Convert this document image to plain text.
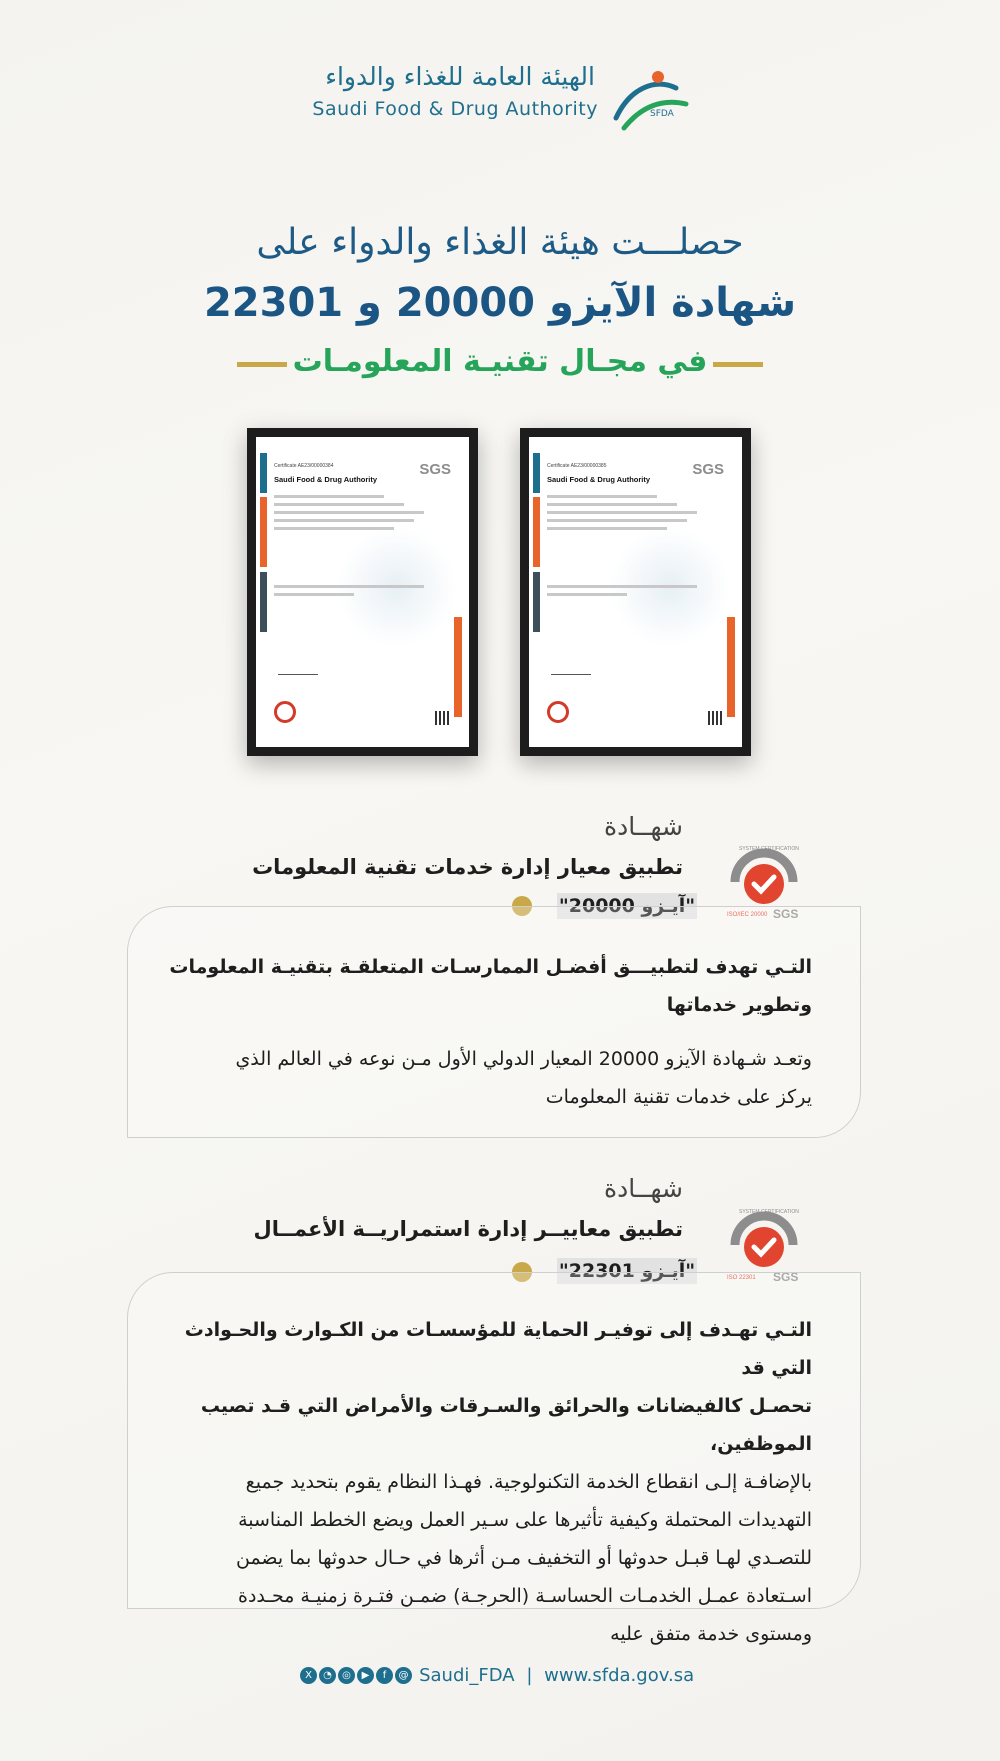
الهيئة العامة للغذاء والدواء
Saudi Food & Drug Authority	SFDA
حصلـــت هيئة الغذاء والدواء على
شهادة الآيزو 20000 و 22301
في مجـال تقنيـة المعلومـات
Certificate AE23/00000384
Saudi Food & Drug Authority
SGS	Certificate AE23/00000385
Saudi Food & Drug Authority
SGS
شهــادة
تطبيق معيار إدارة خدمات تقنية المعلومات
SGS
ISO/IEC 20000
SYSTEM CERTIFICATION
"آيـزو 20000"
التـي تهدف لتطبيـــق أفضـل الممارسـات المتعلقـة بتقنيـة المعلومات
وتطوير خدماتها
وتعـد شـهادة الآيزو 20000 المعيار الدولي الأول مـن نوعه في العالم الذي
يركز على خدمات تقنية المعلومات
شهــادة
تطبيق معاييــر إدارة استمراريــة الأعمــال
SGS
ISO 22301
SYSTEM CERTIFICATION
"آيـزو 22301"
التـي تهـدف إلى توفيـر الحماية للمؤسسـات من الكـوارث والحـوادث التي قد
تحصـل كالفيضانات والحرائق والسـرقات والأمراض التي قـد تصيب الموظفين،
بالإضافـة إلـى انقطاع الخدمة التكنولوجية. فهـذا النظام يقوم بتحديد جميع
التهديدات المحتملة وكيفية تأثيرها على سـير العمل ويضع الخطط المناسبة
للتصـدي لهـا قبـل حدوثها أو التخفيف مـن أثرها في حـال حدوثها بما يضمن
اسـتعادة عمـل الخدمـات الحساسـة (الحرجـة) ضمـن فتـرة زمنيـة محـددة
ومستوى خدمة متفق عليه
X ◔ ◎ ▶ f @ Saudi_FDA | www.sfda.gov.sa
